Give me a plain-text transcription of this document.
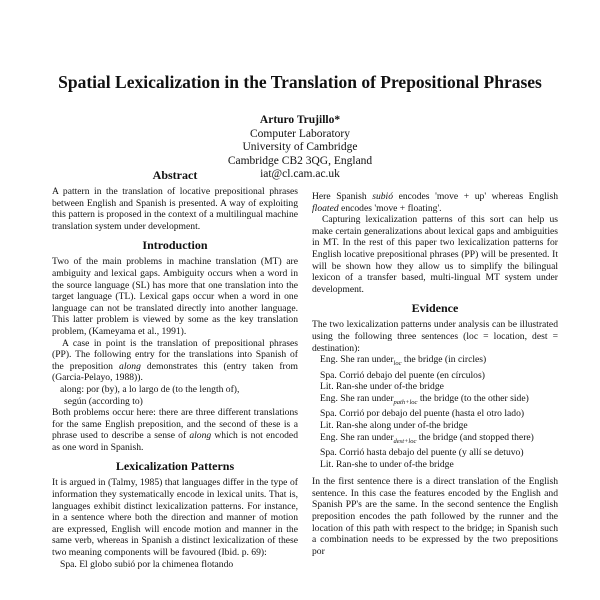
Spatial Lexicalization in the Translation of Prepositional Phrases
Arturo Trujillo*
Computer Laboratory
University of Cambridge
Cambridge CB2 3QG, England
iat@cl.cam.ac.uk
Abstract

A pattern in the translation of locative prepositional phrases between English and Spanish is presented. A way of exploiting this pattern is proposed in the context of a multilingual machine translation system under development.

Introduction

Two of the main problems in machine translation (MT) are ambiguity and lexical gaps. Ambiguity occurs when a word in the source language (SL) has more that one translation into the target language (TL). Lexical gaps occur when a word in one language can not be translated directly into another language. This latter problem is viewed by some as the key translation problem, (Kameyama et al., 1991).

A case in point is the translation of prepositional phrases (PP). The following entry for the translations into Spanish of the preposition along demonstrates this (entry taken from (Garcia-Pelayo, 1988)).

along: por (by), a lo largo de (to the length of),

según (according to)

Both problems occur here: there are three different translations for the same English preposition, and the second of these is a phrase used to describe a sense of along which is not encoded as one word in Spanish.

Lexicalization Patterns

It is argued in (Talmy, 1985) that languages differ in the type of information they systematically encode in lexical units. That is, languages exhibit distinct lexicalization patterns. For instance, in a sentence where both the direction and manner of motion are expressed, English will encode motion and manner in the same verb, whereas in Spanish a distinct lexicalization of these two meaning components will be favoured (Ibid. p. 69):

Spa. El globo subió por la chimenea flotando

Here Spanish subió encodes 'move + up' whereas English floated encodes 'move + floating'.

Capturing lexicalization patterns of this sort can help us make certain generalizations about lexical gaps and ambiguities in MT. In the rest of this paper two lexicalization patterns for English locative prepositional phrases (PP) will be presented. It will be shown how they allow us to simplify the bilingual lexicon of a transfer based, multi-lingual MT system under development.

Evidence

The two lexicalization patterns under analysis can be illustrated using the following three sentences (loc = location, dest = destination):

Eng. She ran under$_{loc}$ the bridge (in circles)

Spa. Corrió debajo del puente (en círculos)

Lit. Ran-she under of-the bridge

Eng. She ran under$_{path+loc}$ the bridge (to the other side)

Spa. Corrió por debajo del puente (hasta el otro lado)

Lit. Ran-she along under of-the bridge

Eng. She ran under$_{dest+loc}$ the bridge (and stopped there)

Spa. Corrió hasta debajo del puente (y allí se detuvo)

Lit. Ran-she to under of-the bridge

In the first sentence there is a direct translation of the English sentence. In this case the features encoded by the English and Spanish PP's are the same. In the second sentence the English preposition encodes the path followed by the runner and the location of this path with respect to the bridge; in Spanish such a combination needs to be expressed by the two prepositions por
